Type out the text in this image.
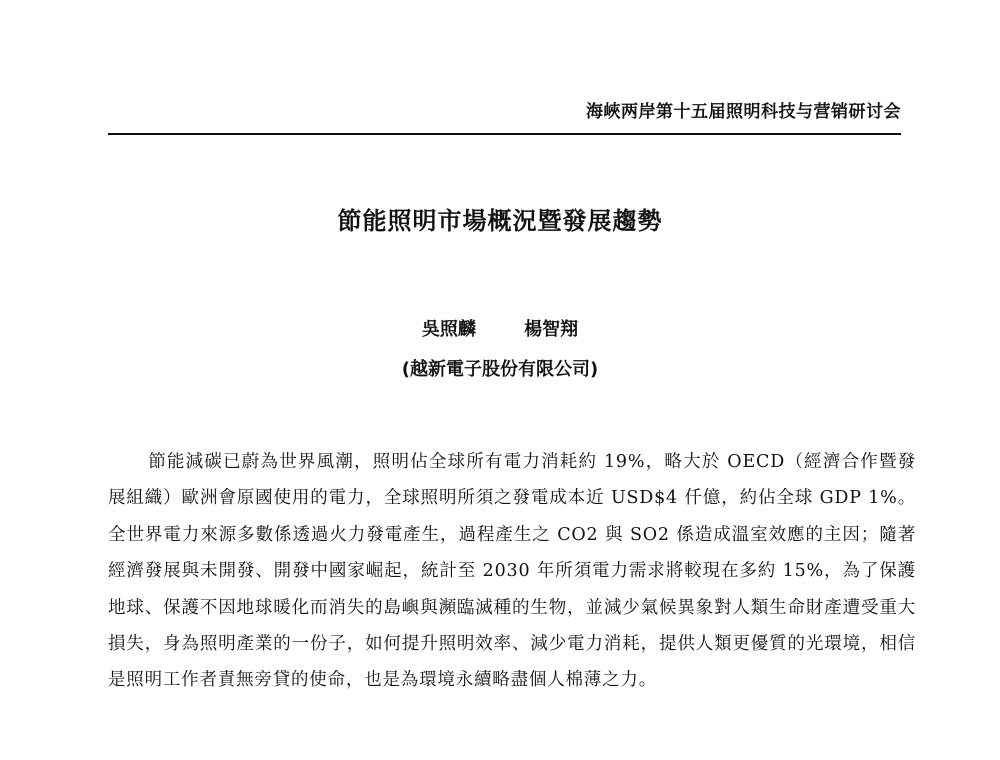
海峽两岸第十五届照明科技与营销研讨会
節能照明市場概況暨發展趨勢
吳照麟	楊智翔
(越新電子股份有限公司)

節能減碳已蔚為世界風潮，照明佔全球所有電力消耗約 19%，略大於 OECD（經濟合作暨發展組織）歐洲會原國使用的電力，全球照明所須之發電成本近 USD$4 仟億，約佔全球 GDP 1%。全世界電力來源多數係透過火力發電產生，過程產生之 CO2 與 SO2 係造成溫室效應的主因；隨著經濟發展與未開發、開發中國家崛起，統計至 2030 年所須電力需求將較現在多約 15%，為了保護地球、保護不因地球暖化而消失的島嶼與瀕臨滅種的生物，並減少氣候異象對人類生命財產遭受重大損失，身為照明產業的一份子，如何提升照明效率、減少電力消耗，提供人類更優質的光環境，相信是照明工作者責無旁貸的使命，也是為環境永續略盡個人棉薄之力。
